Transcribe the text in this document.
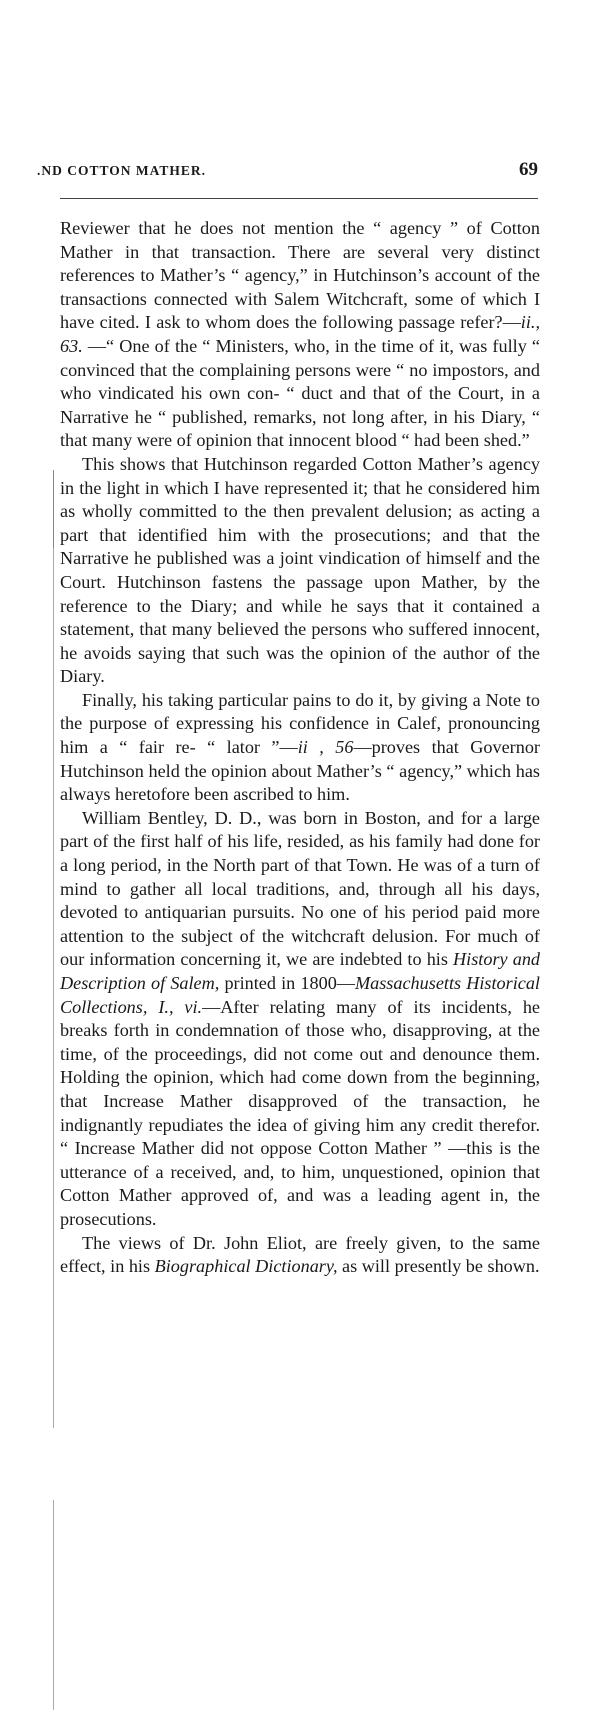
.ND COTTON MATHER.	69

Reviewer that he does not mention the “ agency ” of Cotton Mather in that transaction. There are several very distinct references to Mather’s “ agency,” in Hutchinson’s account of the transactions connected with Salem Witchcraft, some of which I have cited. I ask to whom does the following passage refer?—ii., 63. —“ One of the “ Ministers, who, in the time of it, was fully “ convinced that the complaining persons were “ no impostors, and who vindicated his own con- “ duct and that of the Court, in a Narrative he “ published, remarks, not long after, in his Diary, “ that many were of opinion that innocent blood “ had been shed.”

This shows that Hutchinson regarded Cotton Mather’s agency in the light in which I have represented it; that he considered him as wholly committed to the then prevalent delusion; as acting a part that identified him with the prosecutions; and that the Narrative he published was a joint vindication of himself and the Court. Hutchinson fastens the passage upon Mather, by the reference to the Diary; and while he says that it contained a statement, that many believed the persons who suffered innocent, he avoids saying that such was the opinion of the author of the Diary.

Finally, his taking particular pains to do it, by giving a Note to the purpose of expressing his confidence in Calef, pronouncing him a “ fair re- “ lator ”—ii , 56—proves that Governor Hutchinson held the opinion about Mather’s “ agency,” which has always heretofore been ascribed to him.

William Bentley, D. D., was born in Boston, and for a large part of the first half of his life, resided, as his family had done for a long period, in the North part of that Town. He was of a turn of mind to gather all local traditions, and, through all his days, devoted to antiquarian pursuits. No one of his period paid more attention to the subject of the witchcraft delusion. For much of our information concerning it, we are indebted to his History and Description of Salem, printed in 1800—Massachusetts Historical Collections, I., vi.—After relating many of its incidents, he breaks forth in condemnation of those who, disapproving, at the time, of the proceedings, did not come out and denounce them. Holding the opinion, which had come down from the beginning, that Increase Mather disapproved of the transaction, he indignantly repudiates the idea of giving him any credit therefor. “ Increase Mather did not oppose Cotton Mather ” —this is the utterance of a received, and, to him, unquestioned, opinion that Cotton Mather approved of, and was a leading agent in, the prosecutions.

The views of Dr. John Eliot, are freely given, to the same effect, in his Biographical Dictionary, as will presently be shown.
